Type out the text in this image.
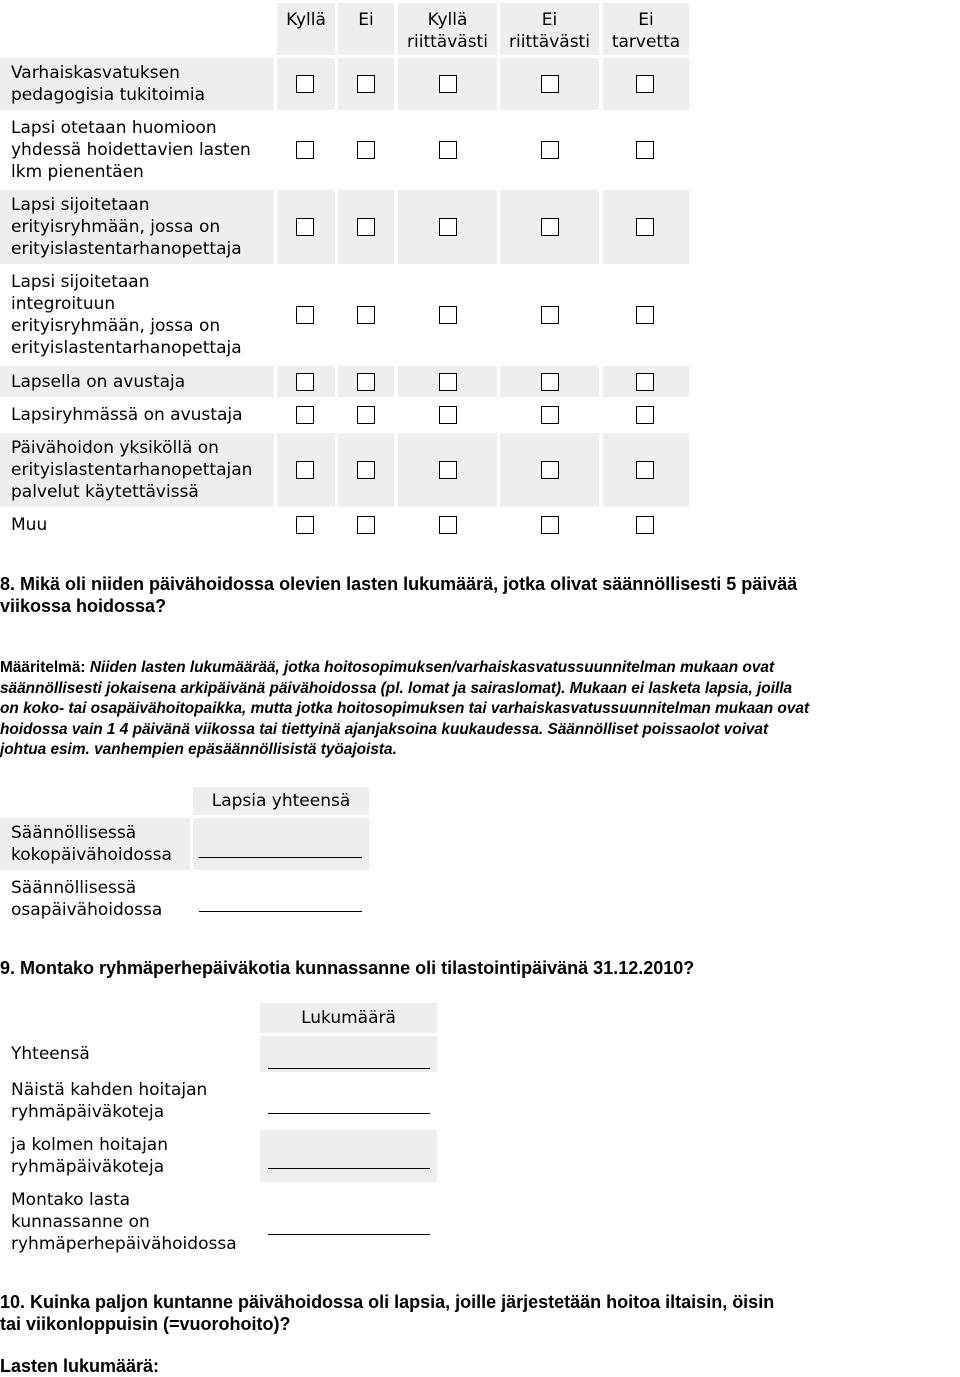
Kyllä	Ei	Kyllä
riittävästi
Ei
riittävästi
Ei
tarvetta
Varhaiskasvatuksen
pedagogisia tukitoimia
Lapsi otetaan huomioon
yhdessä hoidettavien lasten
lkm pienentäen
Lapsi sijoitetaan
erityisryhmään, jossa on
erityislastentarhanopettaja
Lapsi sijoitetaan
integroituun
erityisryhmään, jossa on
erityislastentarhanopettaja
Lapsella on avustaja
Lapsiryhmässä on avustaja
Päivähoidon yksiköllä on
erityislastentarhanopettajan
palvelut käytettävissä
Muu
8. Mikä oli niiden päivähoidossa olevien lasten lukumäärä, jotka olivat säännöllisesti 5 päivää
viikossa hoidossa?
Määritelmä: Niiden lasten lukumäärää, jotka hoitosopimuksen/varhaiskasvatussuunnitelman mukaan ovat
säännöllisesti jokaisena arkipäivänä päivähoidossa (pl. lomat ja sairaslomat). Mukaan ei lasketa lapsia, joilla
on koko- tai osapäivähoitopaikka, mutta jotka hoitosopimuksen tai varhaiskasvatussuunnitelman mukaan ovat
hoidossa vain 1 4 päivänä viikossa tai tiettyinä ajanjaksoina kuukaudessa. Säännölliset poissaolot voivat
johtua esim. vanhempien epäsäännöllisistä työajoista.
Lapsia yhteensä
Säännöllisessä
kokopäivähoidossa
Säännöllisessä
osapäivähoidossa
9. Montako ryhmäperhepäiväkotia kunnassanne oli tilastointipäivänä 31.12.2010?
Lukumäärä
Yhteensä
Näistä kahden hoitajan
ryhmäpäiväkoteja
ja kolmen hoitajan
ryhmäpäiväkoteja
Montako lasta
kunnassanne on
ryhmäperhepäivähoidossa
10. Kuinka paljon kuntanne päivähoidossa oli lapsia, joille järjestetään hoitoa iltaisin, öisin
tai viikonloppuisin (=vuorohoito)?
Lasten lukumäärä:
